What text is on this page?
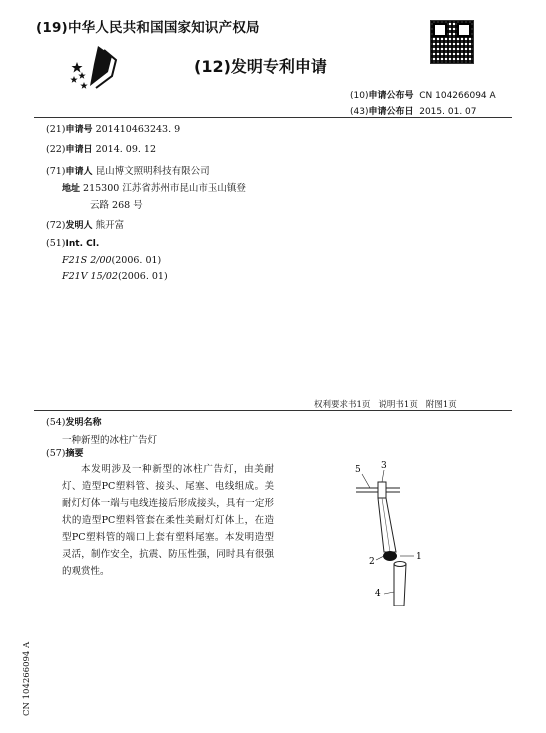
(19)中华人民共和国国家知识产权局
(12)发明专利申请
(10)申请公布号 CN 104266094 A
(43)申请公布日 2015. 01. 07
(21)申请号 201410463243. 9
(22)申请日 2014. 09. 12
(71)申请人 昆山博文照明科技有限公司
地址 215300 江苏省苏州市昆山市玉山镇登
云路 268 号
(72)发明人 熊开富
(51)Int. Cl.
F21S 2/00(2006. 01)
F21V 15/02(2006. 01)
权利要求书1页 说明书1页 附图1页
(54)发明名称
一种新型的冰柱广告灯
(57)摘要
本发明涉及一种新型的冰柱广告灯，由美耐灯、造型PC塑料管、接头、尾塞、电线组成。美耐灯灯体一端与电线连接后形成接头，具有一定形状的造型PC塑料管套在柔性美耐灯灯体上，在造型PC塑料管的端口上套有塑料尾塞。本发明造型灵活，制作安全，抗震、防压性强，同时具有很强的观赏性。
5 3
2	1
4
CN 104266094 A
